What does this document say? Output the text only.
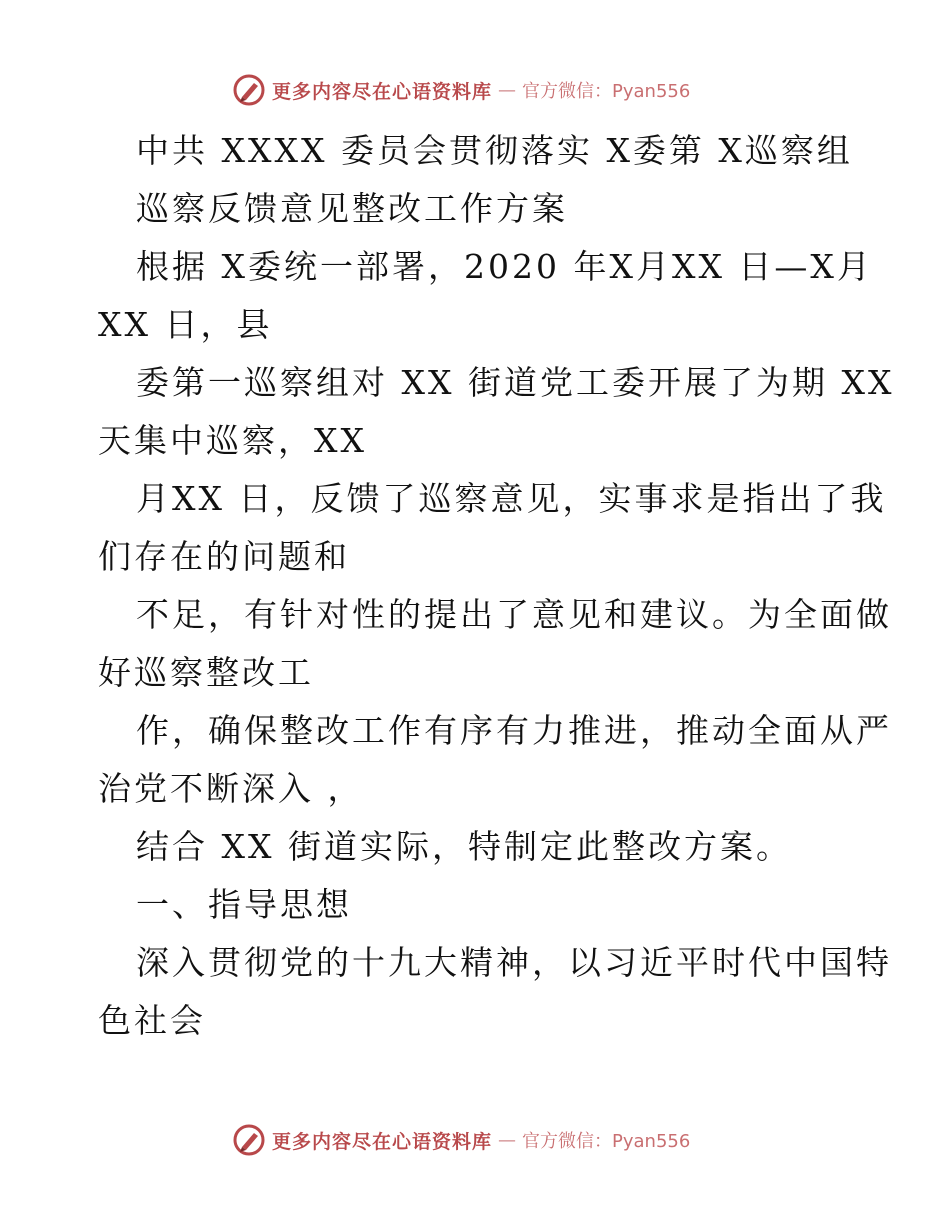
更多内容尽在心语资料库 — 官方微信：Pyan556
中共 XXXX 委员会贯彻落实 X委第 X巡察组
巡察反馈意见整改工作方案
根据 X委统一部署，2020 年X月XX 日—X月
XX 日，县
委第一巡察组对 XX 街道党工委开展了为期 XX
天集中巡察，XX
月XX 日，反馈了巡察意见，实事求是指出了我
们存在的问题和
不足，有针对性的提出了意见和建议。为全面做
好巡察整改工
作，确保整改工作有序有力推进，推动全面从严
治党不断深入 ，
结合 XX 街道实际，特制定此整改方案。
一、指导思想
深入贯彻党的十九大精神，以习近平时代中国特
色社会
更多内容尽在心语资料库 — 官方微信：Pyan556
